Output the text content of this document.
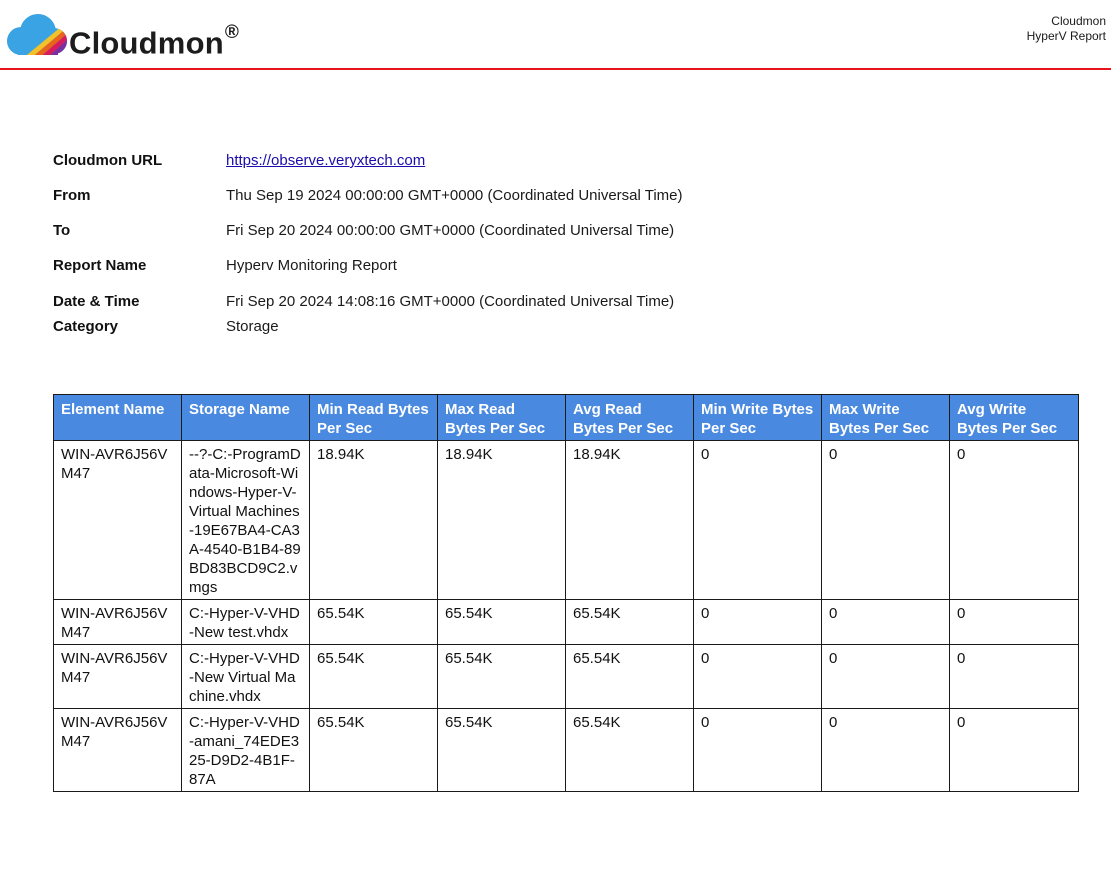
Cloudmon®
Cloudmon
HyperV Report
Cloudmon URL	https://observe.veryxtech.com
From	Thu Sep 19 2024 00:00:00 GMT+0000 (Coordinated Universal Time)
To	Fri Sep 20 2024 00:00:00 GMT+0000 (Coordinated Universal Time)
Report Name	Hyperv Monitoring Report
Date & Time	Fri Sep 20 2024 14:08:16 GMT+0000 (Coordinated Universal Time)
Category	Storage
Element Name	Storage Name	Min Read Bytes Per Sec	Max Read Bytes Per Sec	Avg Read Bytes Per Sec	Min Write Bytes Per Sec	Max Write Bytes Per Sec	Avg Write Bytes Per Sec
WIN-AVR6J56VM47	--?-C:-ProgramData-Microsoft-Windows-Hyper-V-Virtual Machines-19E67BA4-CA3A-4540-B1B4-89BD83BCD9C2.vmgs	18.94K	18.94K	18.94K	0	0	0
WIN-AVR6J56VM47	C:-Hyper-V-VHD-New test.vhdx	65.54K	65.54K	65.54K	0	0	0
WIN-AVR6J56VM47	C:-Hyper-V-VHD-New Virtual Machine.vhdx	65.54K	65.54K	65.54K	0	0	0
WIN-AVR6J56VM47	C:-Hyper-V-VHD-amani_74EDE325-D9D2-4B1F-87A	65.54K	65.54K	65.54K	0	0	0
